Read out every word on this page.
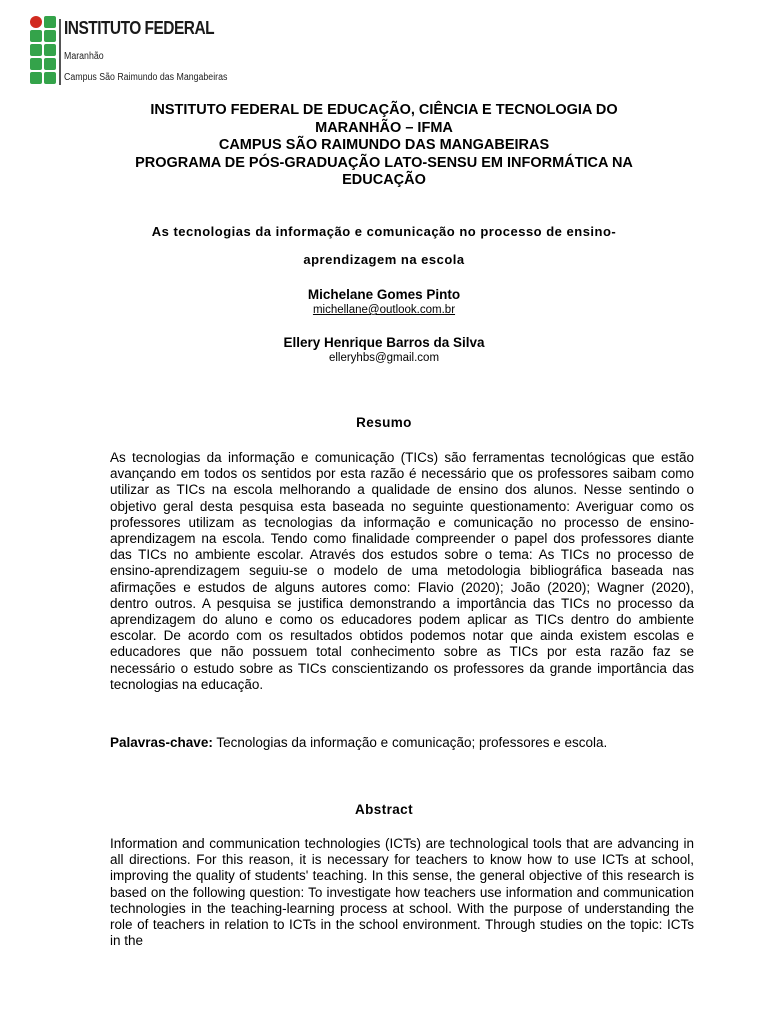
INSTITUTO FEDERAL
Maranhão
Campus São Raimundo das Mangabeiras
INSTITUTO FEDERAL DE EDUCAÇÃO, CIÊNCIA E TECNOLOGIA DO
MARANHÃO – IFMA
CAMPUS SÃO RAIMUNDO DAS MANGABEIRAS
PROGRAMA DE PÓS-GRADUAÇÃO LATO-SENSU EM INFORMÁTICA NA
EDUCAÇÃO
As tecnologias da informação e comunicação no processo de ensino-
aprendizagem na escola
Michelane Gomes Pinto
michellane@outlook.com.br
Ellery Henrique Barros da Silva
elleryhbs@gmail.com
Resumo
As tecnologias da informação e comunicação (TICs) são ferramentas tecnológicas que estão avançando em todos os sentidos por esta razão é necessário que os professores saibam como utilizar as TICs na escola melhorando a qualidade de ensino dos alunos. Nesse sentindo o objetivo geral desta pesquisa esta baseada no seguinte questionamento: Averiguar como os professores utilizam as tecnologias da informação e comunicação no processo de ensino-aprendizagem na escola. Tendo como finalidade compreender o papel dos professores diante das TICs no ambiente escolar. Através dos estudos sobre o tema: As TICs no processo de ensino-aprendizagem seguiu-se o modelo de uma metodologia bibliográfica baseada nas afirmações e estudos de alguns autores como: Flavio (2020); João (2020); Wagner (2020), dentro outros. A pesquisa se justifica demonstrando a importância das TICs no processo da aprendizagem do aluno e como os educadores podem aplicar as TICs dentro do ambiente escolar. De acordo com os resultados obtidos podemos notar que ainda existem escolas e educadores que não possuem total conhecimento sobre as TICs por esta razão faz se necessário o estudo sobre as TICs conscientizando os professores da grande importância das tecnologias na educação.
Palavras-chave: Tecnologias da informação e comunicação; professores e escola.
Abstract
Information and communication technologies (ICTs) are technological tools that are advancing in all directions. For this reason, it is necessary for teachers to know how to use ICTs at school, improving the quality of students' teaching. In this sense, the general objective of this research is based on the following question: To investigate how teachers use information and communication technologies in the teaching-learning process at school. With the purpose of understanding the role of teachers in relation to ICTs in the school environment. Through studies on the topic: ICTs in the
